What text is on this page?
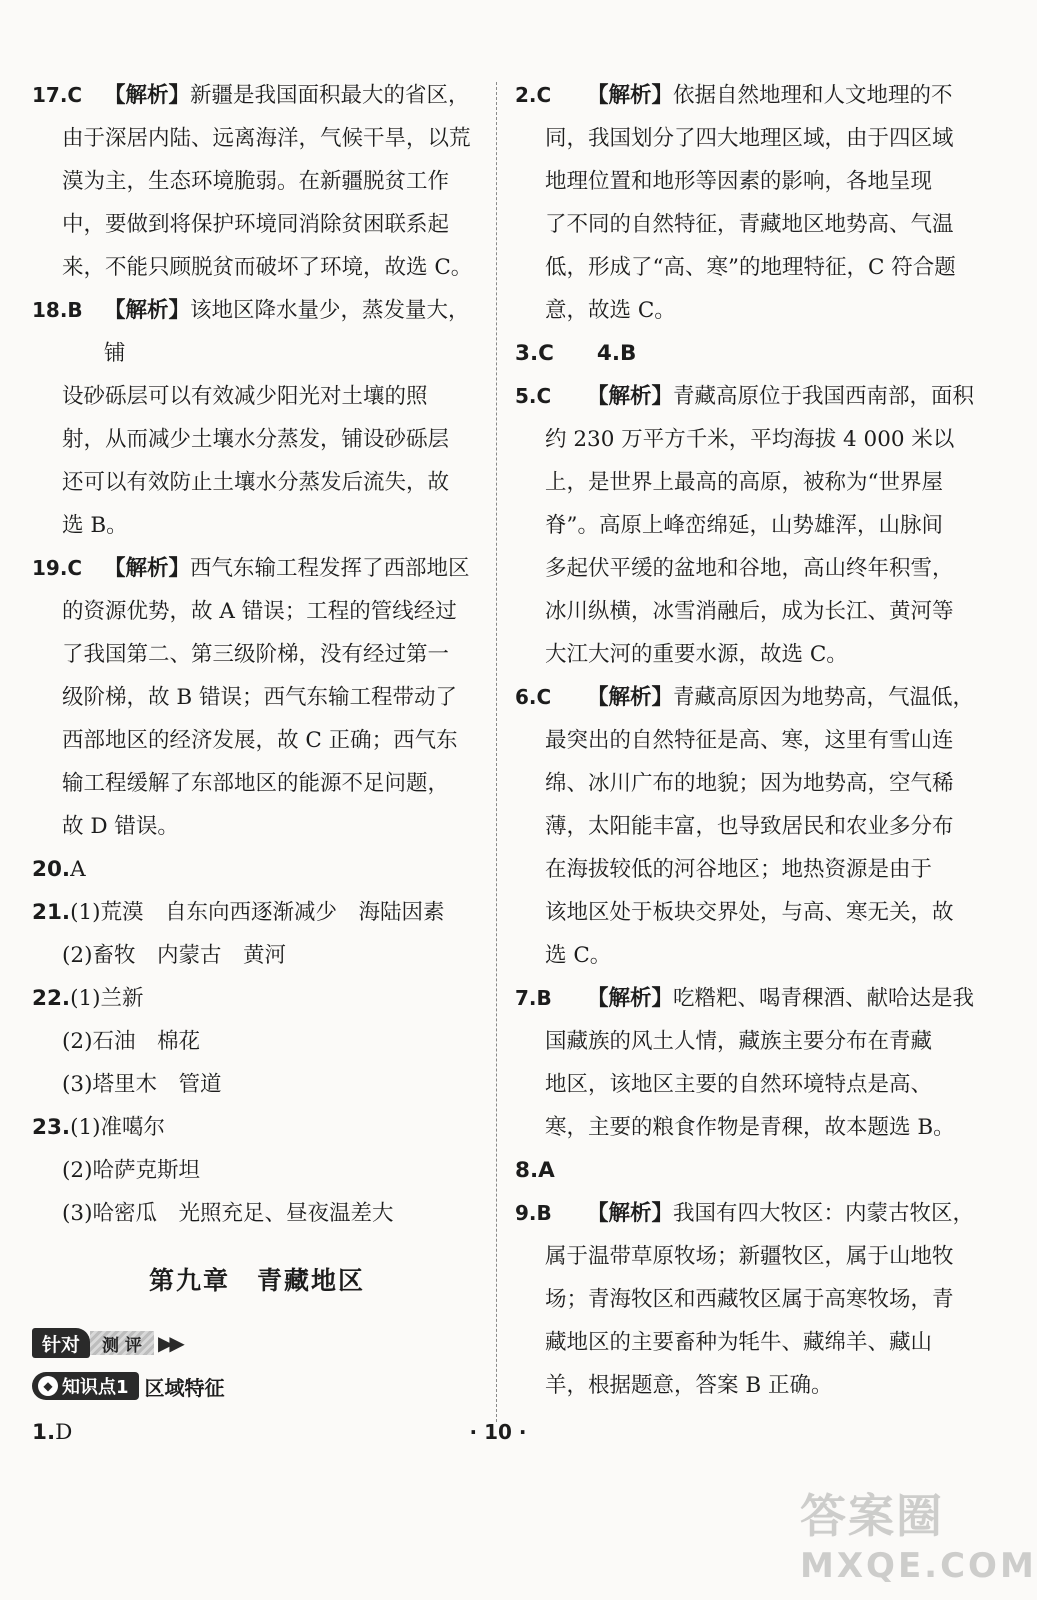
17.C	【解析】新疆是我国面积最大的省区，
由于深居内陆、远离海洋，气候干旱，以荒
漠为主，生态环境脆弱。在新疆脱贫工作
中，要做到将保护环境同消除贫困联系起
来，不能只顾脱贫而破坏了环境，故选 C。
18.B 【解析】该地区降水量少，蒸发量大，铺
设砂砾层可以有效减少阳光对土壤的照
射，从而减少土壤水分蒸发，铺设砂砾层
还可以有效防止土壤水分蒸发后流失，故
选 B。
19.C	【解析】西气东输工程发挥了西部地区
的资源优势，故 A 错误；工程的管线经过
了我国第二、第三级阶梯，没有经过第一
级阶梯，故 B 错误；西气东输工程带动了
西部地区的经济发展，故 C 正确；西气东
输工程缓解了东部地区的能源不足问题，
故 D 错误。
20.A
21.(1)荒漠　自东向西逐渐减少　海陆因素
(2)畜牧　内蒙古　黄河
22.(1)兰新
(2)石油　棉花
(3)塔里木　管道
23.(1)准噶尔
(2)哈萨克斯坦
(3)哈密瓜　光照充足、昼夜温差大
第九章　青藏地区
针对	测 评 ▶▶
◆ 知识点1 区域特征
1.D
2.C	【解析】依据自然地理和人文地理的不
同，我国划分了四大地理区域，由于四区域
地理位置和地形等因素的影响，各地呈现
了不同的自然特征，青藏地区地势高、气温
低，形成了“高、寒”的地理特征，C 符合题
意，故选 C。
3.C　　 4.B
5.C	【解析】青藏高原位于我国西南部，面积
约 230 万平方千米，平均海拔 4 000 米以
上，是世界上最高的高原，被称为“世界屋
脊”。高原上峰峦绵延，山势雄浑，山脉间
多起伏平缓的盆地和谷地，高山终年积雪，
冰川纵横，冰雪消融后，成为长江、黄河等
大江大河的重要水源，故选 C。
6.C	【解析】青藏高原因为地势高，气温低，
最突出的自然特征是高、寒，这里有雪山连
绵、冰川广布的地貌；因为地势高，空气稀
薄，太阳能丰富，也导致居民和农业多分布
在海拔较低的河谷地区；地热资源是由于
该地区处于板块交界处，与高、寒无关，故
选 C。
7.B	【解析】吃糌粑、喝青稞酒、献哈达是我
国藏族的风土人情，藏族主要分布在青藏
地区，该地区主要的自然环境特点是高、
寒，主要的粮食作物是青稞，故本题选 B。
8.A
9.B	【解析】我国有四大牧区：内蒙古牧区，
属于温带草原牧场；新疆牧区，属于山地牧
场；青海牧区和西藏牧区属于高寒牧场，青
藏地区的主要畜种为牦牛、藏绵羊、藏山
羊，根据题意，答案 B 正确。
· 10 ·
答案圈
MXQE.COM
